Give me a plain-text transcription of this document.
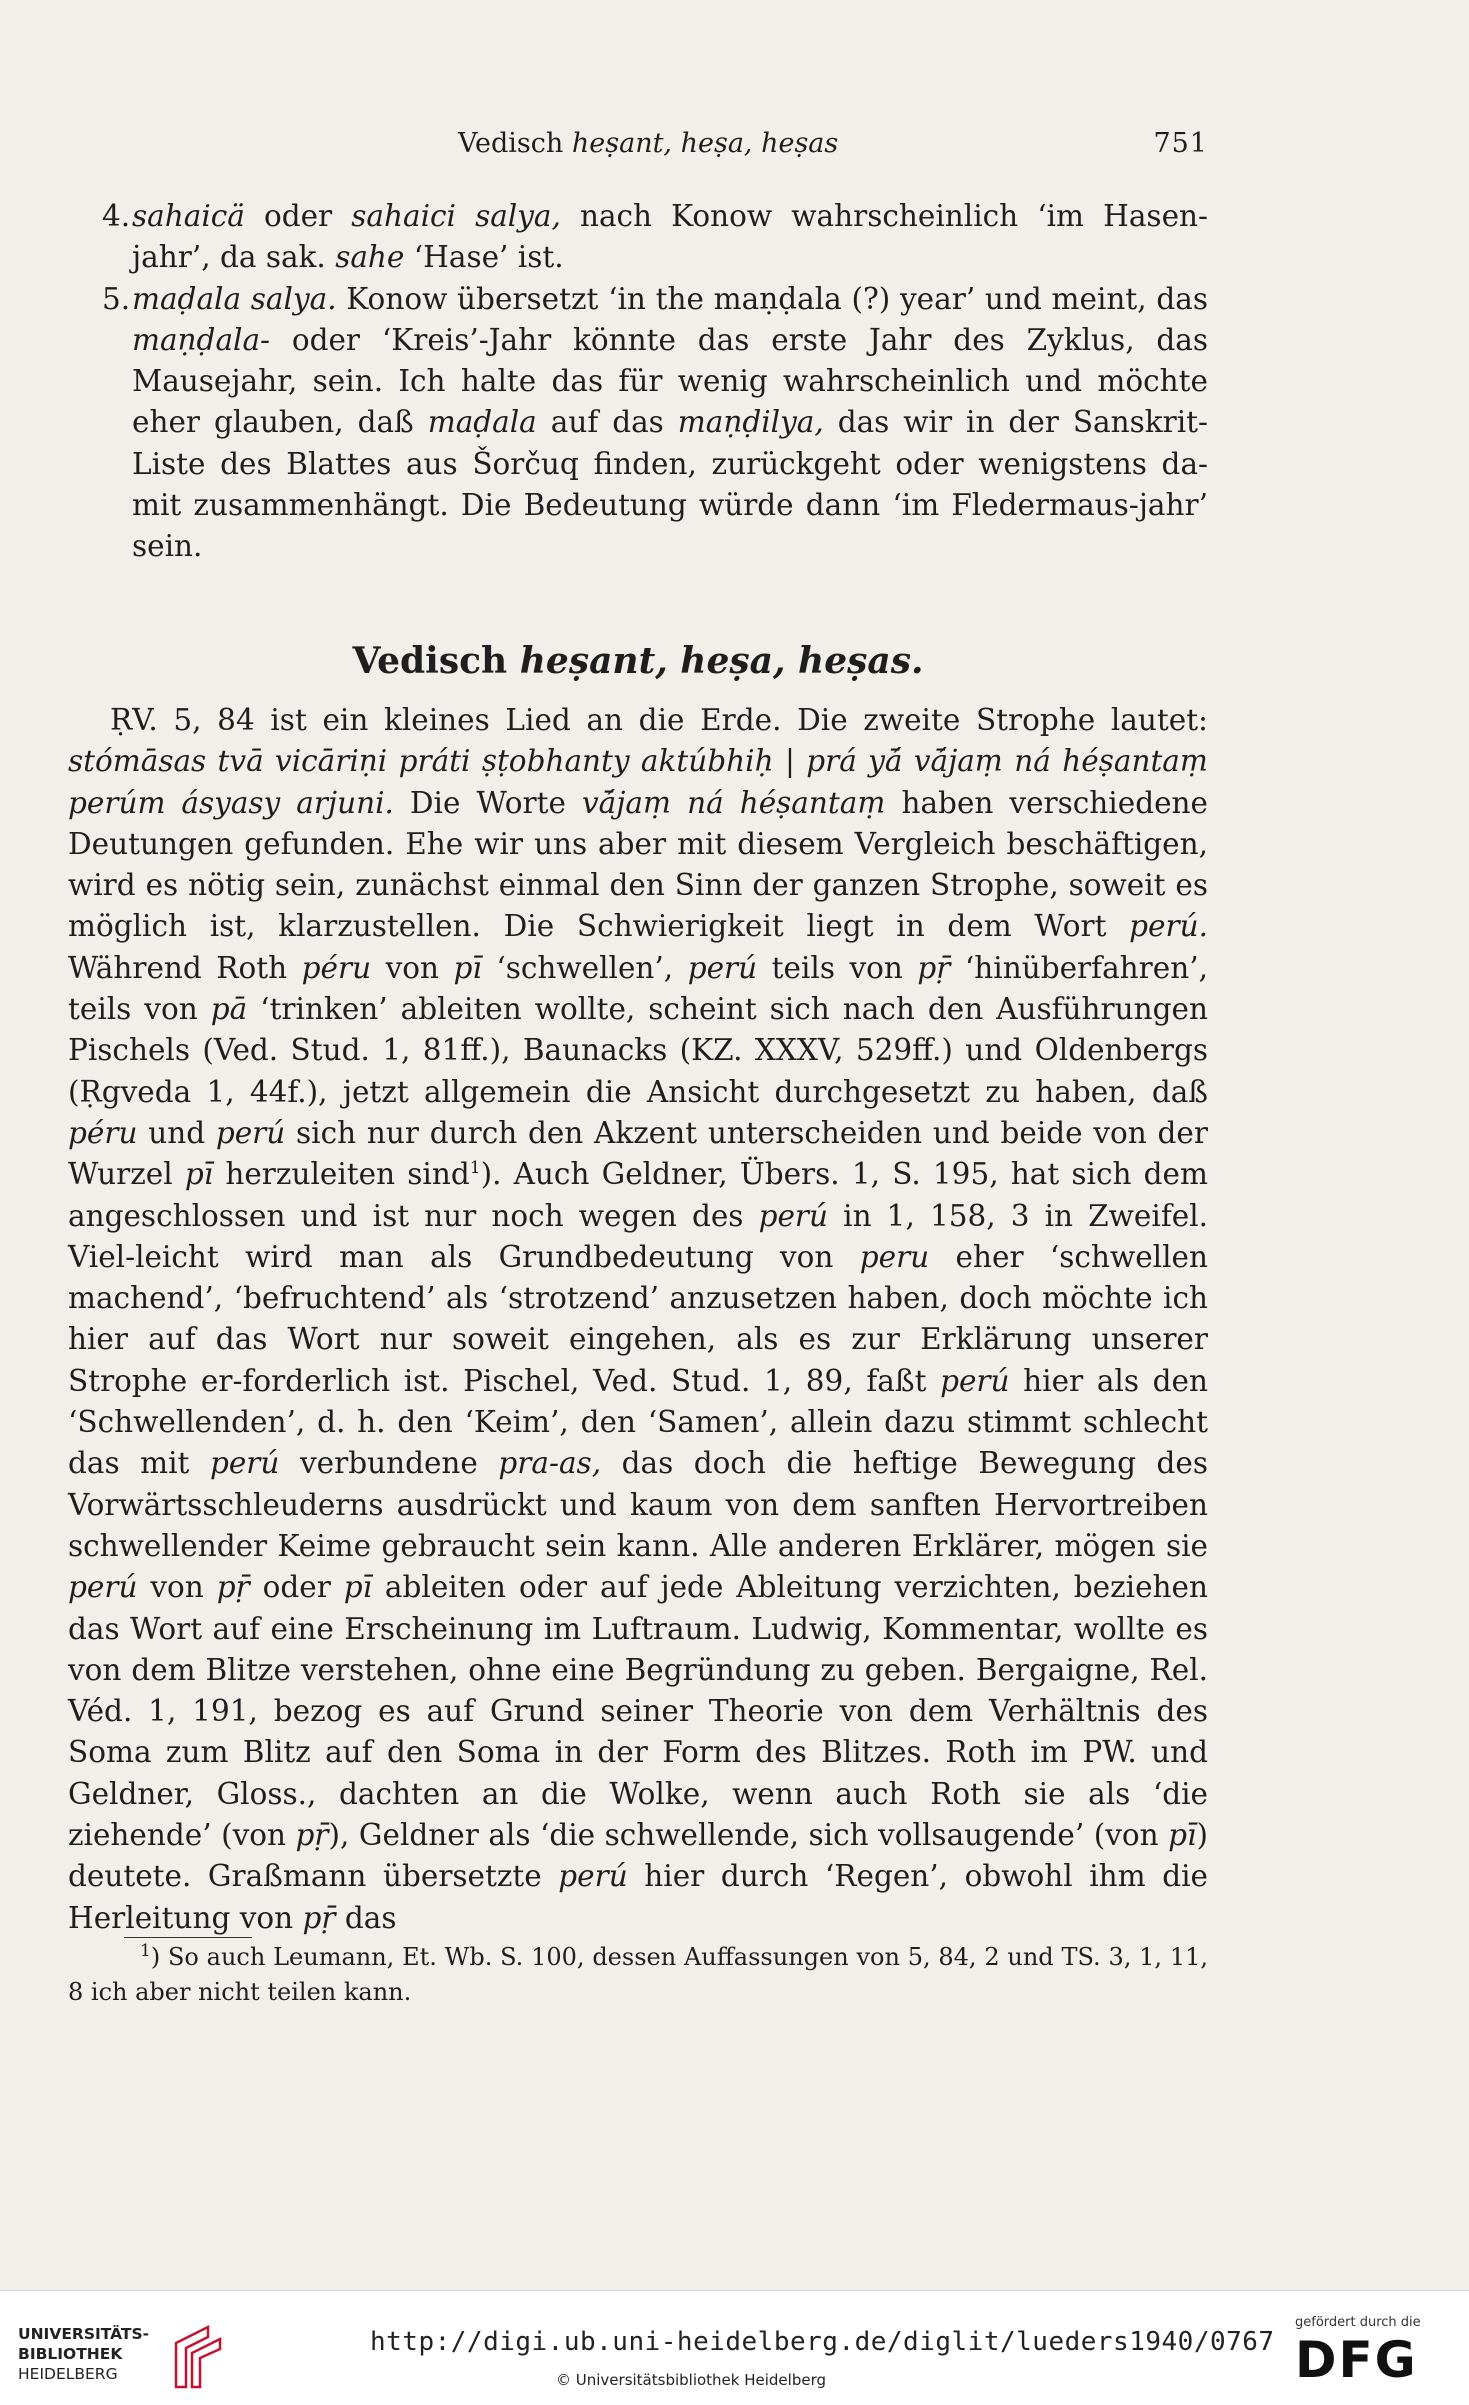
Vedisch heṣant, heṣa, heṣas	751
4. sahaicä oder sahaici salya, nach Konow wahrscheinlich ‘im Hasen-jahr’, da sak. sahe ‘Hase’ ist.
5. maḍala salya. Konow übersetzt ‘in the maṇḍala (?) year’ und meint, das maṇḍala- oder ‘Kreis’-Jahr könnte das erste Jahr des Zyklus, das Mausejahr, sein. Ich halte das für wenig wahrscheinlich und möchte eher glauben, daß maḍala auf das maṇḍilya, das wir in der Sanskrit-Liste des Blattes aus Šorčuq finden, zurückgeht oder wenigstens da-mit zusammenhängt. Die Bedeutung würde dann ‘im Fledermaus-jahr’ sein.
Vedisch heṣant, heṣa, heṣas.
ṚV. 5, 84 ist ein kleines Lied an die Erde. Die zweite Strophe lautet: stómāsas tvā vicāriṇi práti ṣṭobhanty aktúbhiḥ | prá yā́ vā́jaṃ ná héṣantaṃ perúm ásyasy arjuni. Die Worte vā́jaṃ ná héṣantaṃ haben verschiedene Deutungen gefunden. Ehe wir uns aber mit diesem Vergleich beschäftigen, wird es nötig sein, zunächst einmal den Sinn der ganzen Strophe, soweit es möglich ist, klarzustellen. Die Schwierigkeit liegt in dem Wort perú. Während Roth péru von pī ‘schwellen’, perú teils von pṝ ‘hinüberfahren’, teils von pā ‘trinken’ ableiten wollte, scheint sich nach den Ausführungen Pischels (Ved. Stud. 1, 81ff.), Baunacks (KZ. XXXV, 529ff.) und Oldenbergs (Ṛgveda 1, 44f.), jetzt allgemein die Ansicht durchgesetzt zu haben, daß péru und perú sich nur durch den Akzent unterscheiden und beide von der Wurzel pī herzuleiten sind$^1$). Auch Geldner, Übers. 1, S. 195, hat sich dem angeschlossen und ist nur noch wegen des perú in 1, 158, 3 in Zweifel. Viel-leicht wird man als Grundbedeutung von peru eher ‘schwellen machend’, ‘befruchtend’ als ‘strotzend’ anzusetzen haben, doch möchte ich hier auf das Wort nur soweit eingehen, als es zur Erklärung unserer Strophe er-forderlich ist. Pischel, Ved. Stud. 1, 89, faßt perú hier als den ‘Schwellenden’, d. h. den ‘Keim’, den ‘Samen’, allein dazu stimmt schlecht das mit perú verbundene pra-as, das doch die heftige Bewegung des Vorwärtsschleuderns ausdrückt und kaum von dem sanften Hervortreiben schwellender Keime gebraucht sein kann. Alle anderen Erklärer, mögen sie perú von pṝ oder pī ableiten oder auf jede Ableitung verzichten, beziehen das Wort auf eine Erscheinung im Luftraum. Ludwig, Kommentar, wollte es von dem Blitze verstehen, ohne eine Begründung zu geben. Bergaigne, Rel. Véd. 1, 191, bezog es auf Grund seiner Theorie von dem Verhältnis des Soma zum Blitz auf den Soma in der Form des Blitzes. Roth im PW. und Geldner, Gloss., dachten an die Wolke, wenn auch Roth sie als ‘die ziehende’ (von pṝ), Geldner als ‘die schwellende, sich vollsaugende’ (von pī) deutete. Graßmann übersetzte perú hier durch ‘Regen’, obwohl ihm die Herleitung von pṝ das
$^1$) So auch Leumann, Et. Wb. S. 100, dessen Auffassungen von 5, 84, 2 und TS. 3, 1, 11, 8 ich aber nicht teilen kann.
UNIVERSITÄTS-
BIBLIOTHEK
HEIDELBERG
http://digi.ub.uni-heidelberg.de/diglit/lueders1940/0767
© Universitätsbibliothek Heidelberg
gefördert durch die
DFG
